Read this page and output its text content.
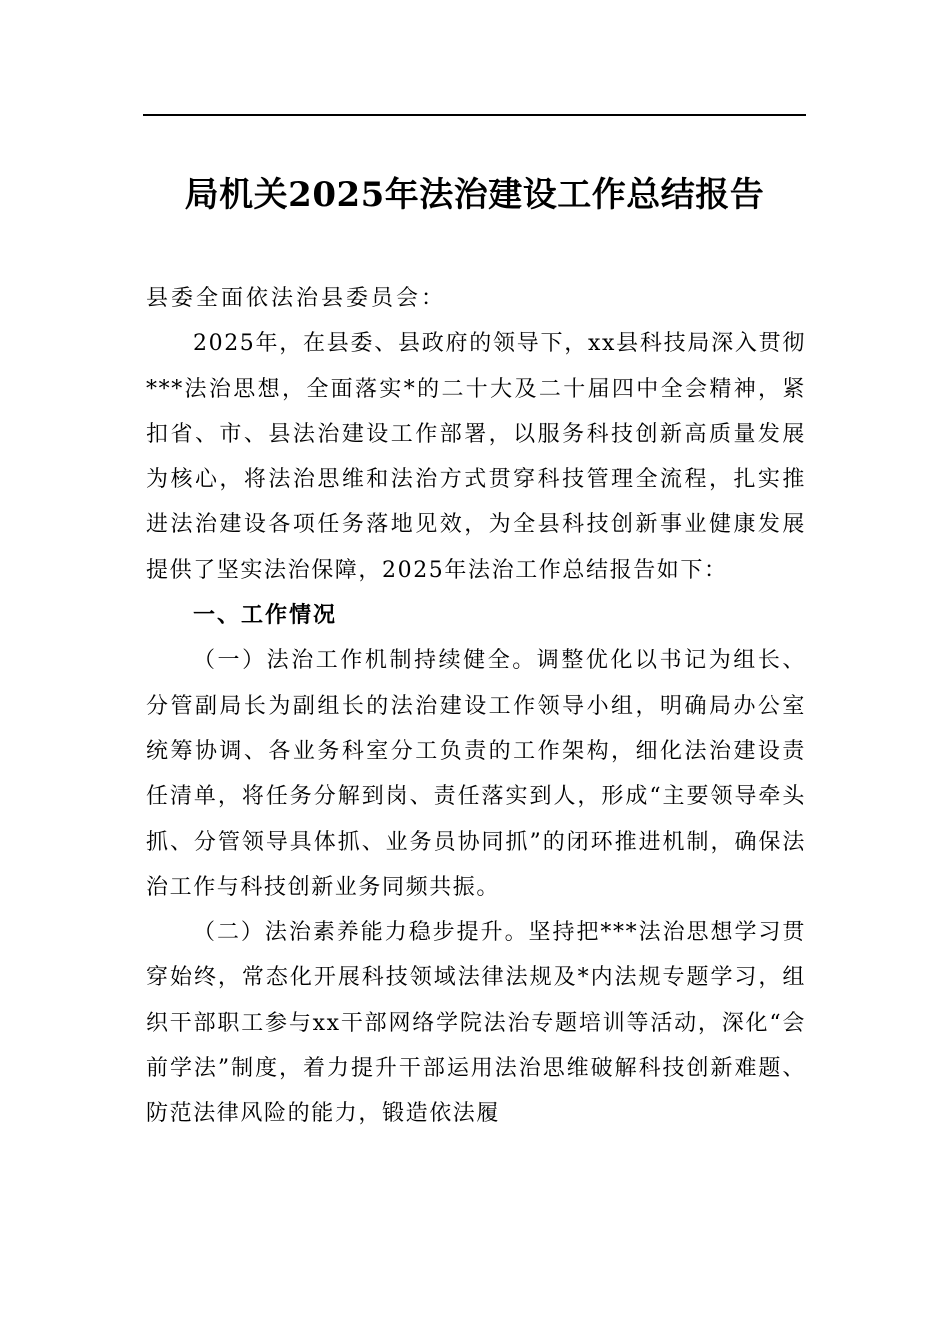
局机关2025年法治建设工作总结报告

县委全面依法治县委员会：

2025年，在县委、县政府的领导下，xx县科技局深入贯彻***法治思想，全面落实*的二十大及二十届四中全会精神，紧扣省、市、县法治建设工作部署，以服务科技创新高质量发展为核心，将法治思维和法治方式贯穿科技管理全流程，扎实推进法治建设各项任务落地见效，为全县科技创新事业健康发展提供了坚实法治保障，2025年法治工作总结报告如下：

一、工作情况

（一）法治工作机制持续健全。调整优化以书记为组长、分管副局长为副组长的法治建设工作领导小组，明确局办公室统筹协调、各业务科室分工负责的工作架构，细化法治建设责任清单，将任务分解到岗、责任落实到人，形成“主要领导牵头抓、分管领导具体抓、业务员协同抓”的闭环推进机制，确保法治工作与科技创新业务同频共振。

（二）法治素养能力稳步提升。坚持把***法治思想学习贯穿始终，常态化开展科技领域法律法规及*内法规专题学习，组织干部职工参与xx干部网络学院法治专题培训等活动，深化“会前学法”制度，着力提升干部运用法治思维破解科技创新难题、防范法律风险的能力，锻造依法履
